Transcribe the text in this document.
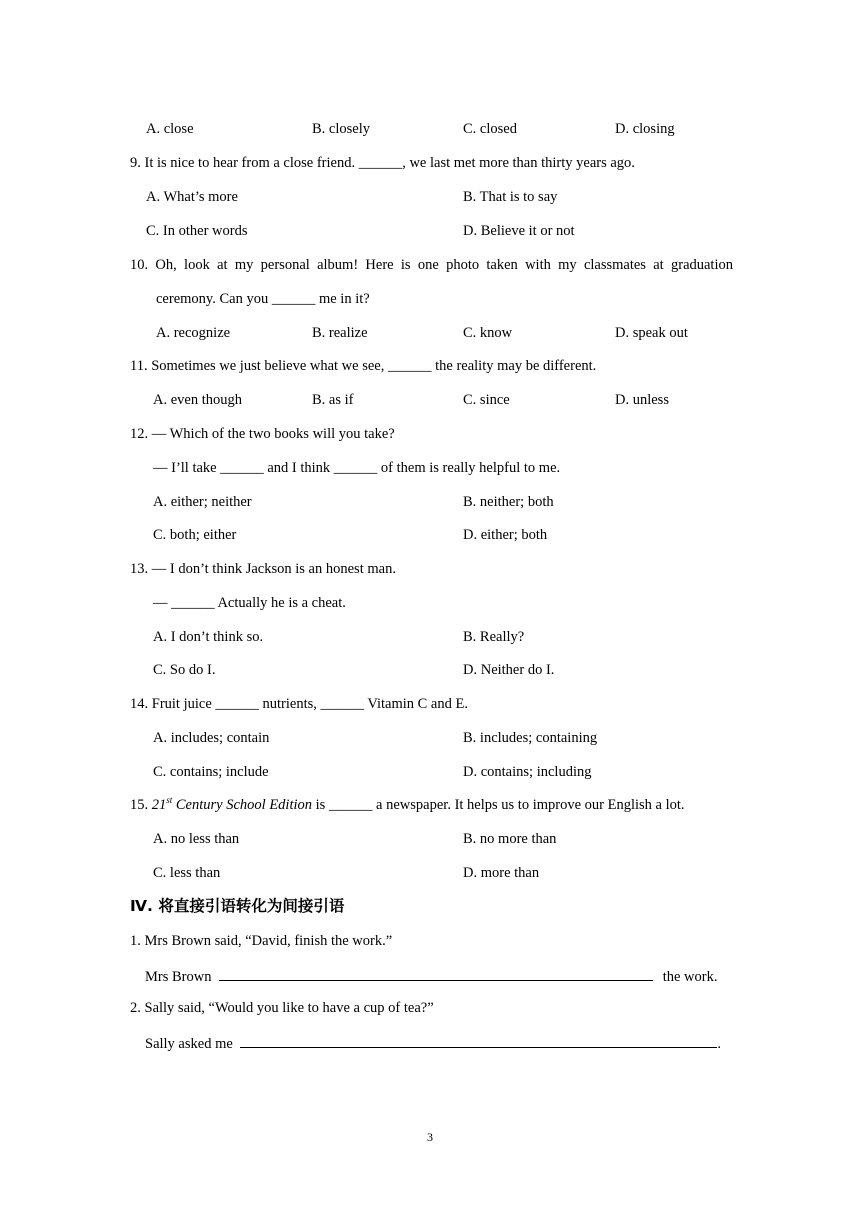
A. close	B. closely	C. closed	D. closing
9. It is nice to hear from a close friend. ______, we last met more than thirty years ago.
A. What’s more	B. That is to say
C. In other words	D. Believe it or not
10. Oh, look at my personal album! Here is one photo taken with my classmates at graduation
ceremony. Can you ______ me in it?
A. recognize	B. realize	C. know	D. speak out
11. Sometimes we just believe what we see, ______ the reality may be different.
A. even though	B. as if	C. since	D. unless
12. — Which of the two books will you take?
— I’ll take ______ and I think ______ of them is really helpful to me.
A. either; neither	B. neither; both
C. both; either	D. either; both
13. — I don’t think Jackson is an honest man.
— ______ Actually he is a cheat.
A. I don’t think so.	B. Really?
C. So do I.	D. Neither do I.
14. Fruit juice ______ nutrients, ______ Vitamin C and E.
A. includes; contain	B. includes; containing
C. contains; include	D. contains; including
15. 21st Century School Edition is ______ a newspaper. It helps us to improve our English a lot.
A. no less than	B. no more than
C. less than	D. more than
Ⅳ. 将直接引语转化为间接引语
1. Mrs Brown said, “David, finish the work.”
Mrs Brown	the work.
2. Sally said, “Would you like to have a cup of tea?”
Sally asked me	.
3
